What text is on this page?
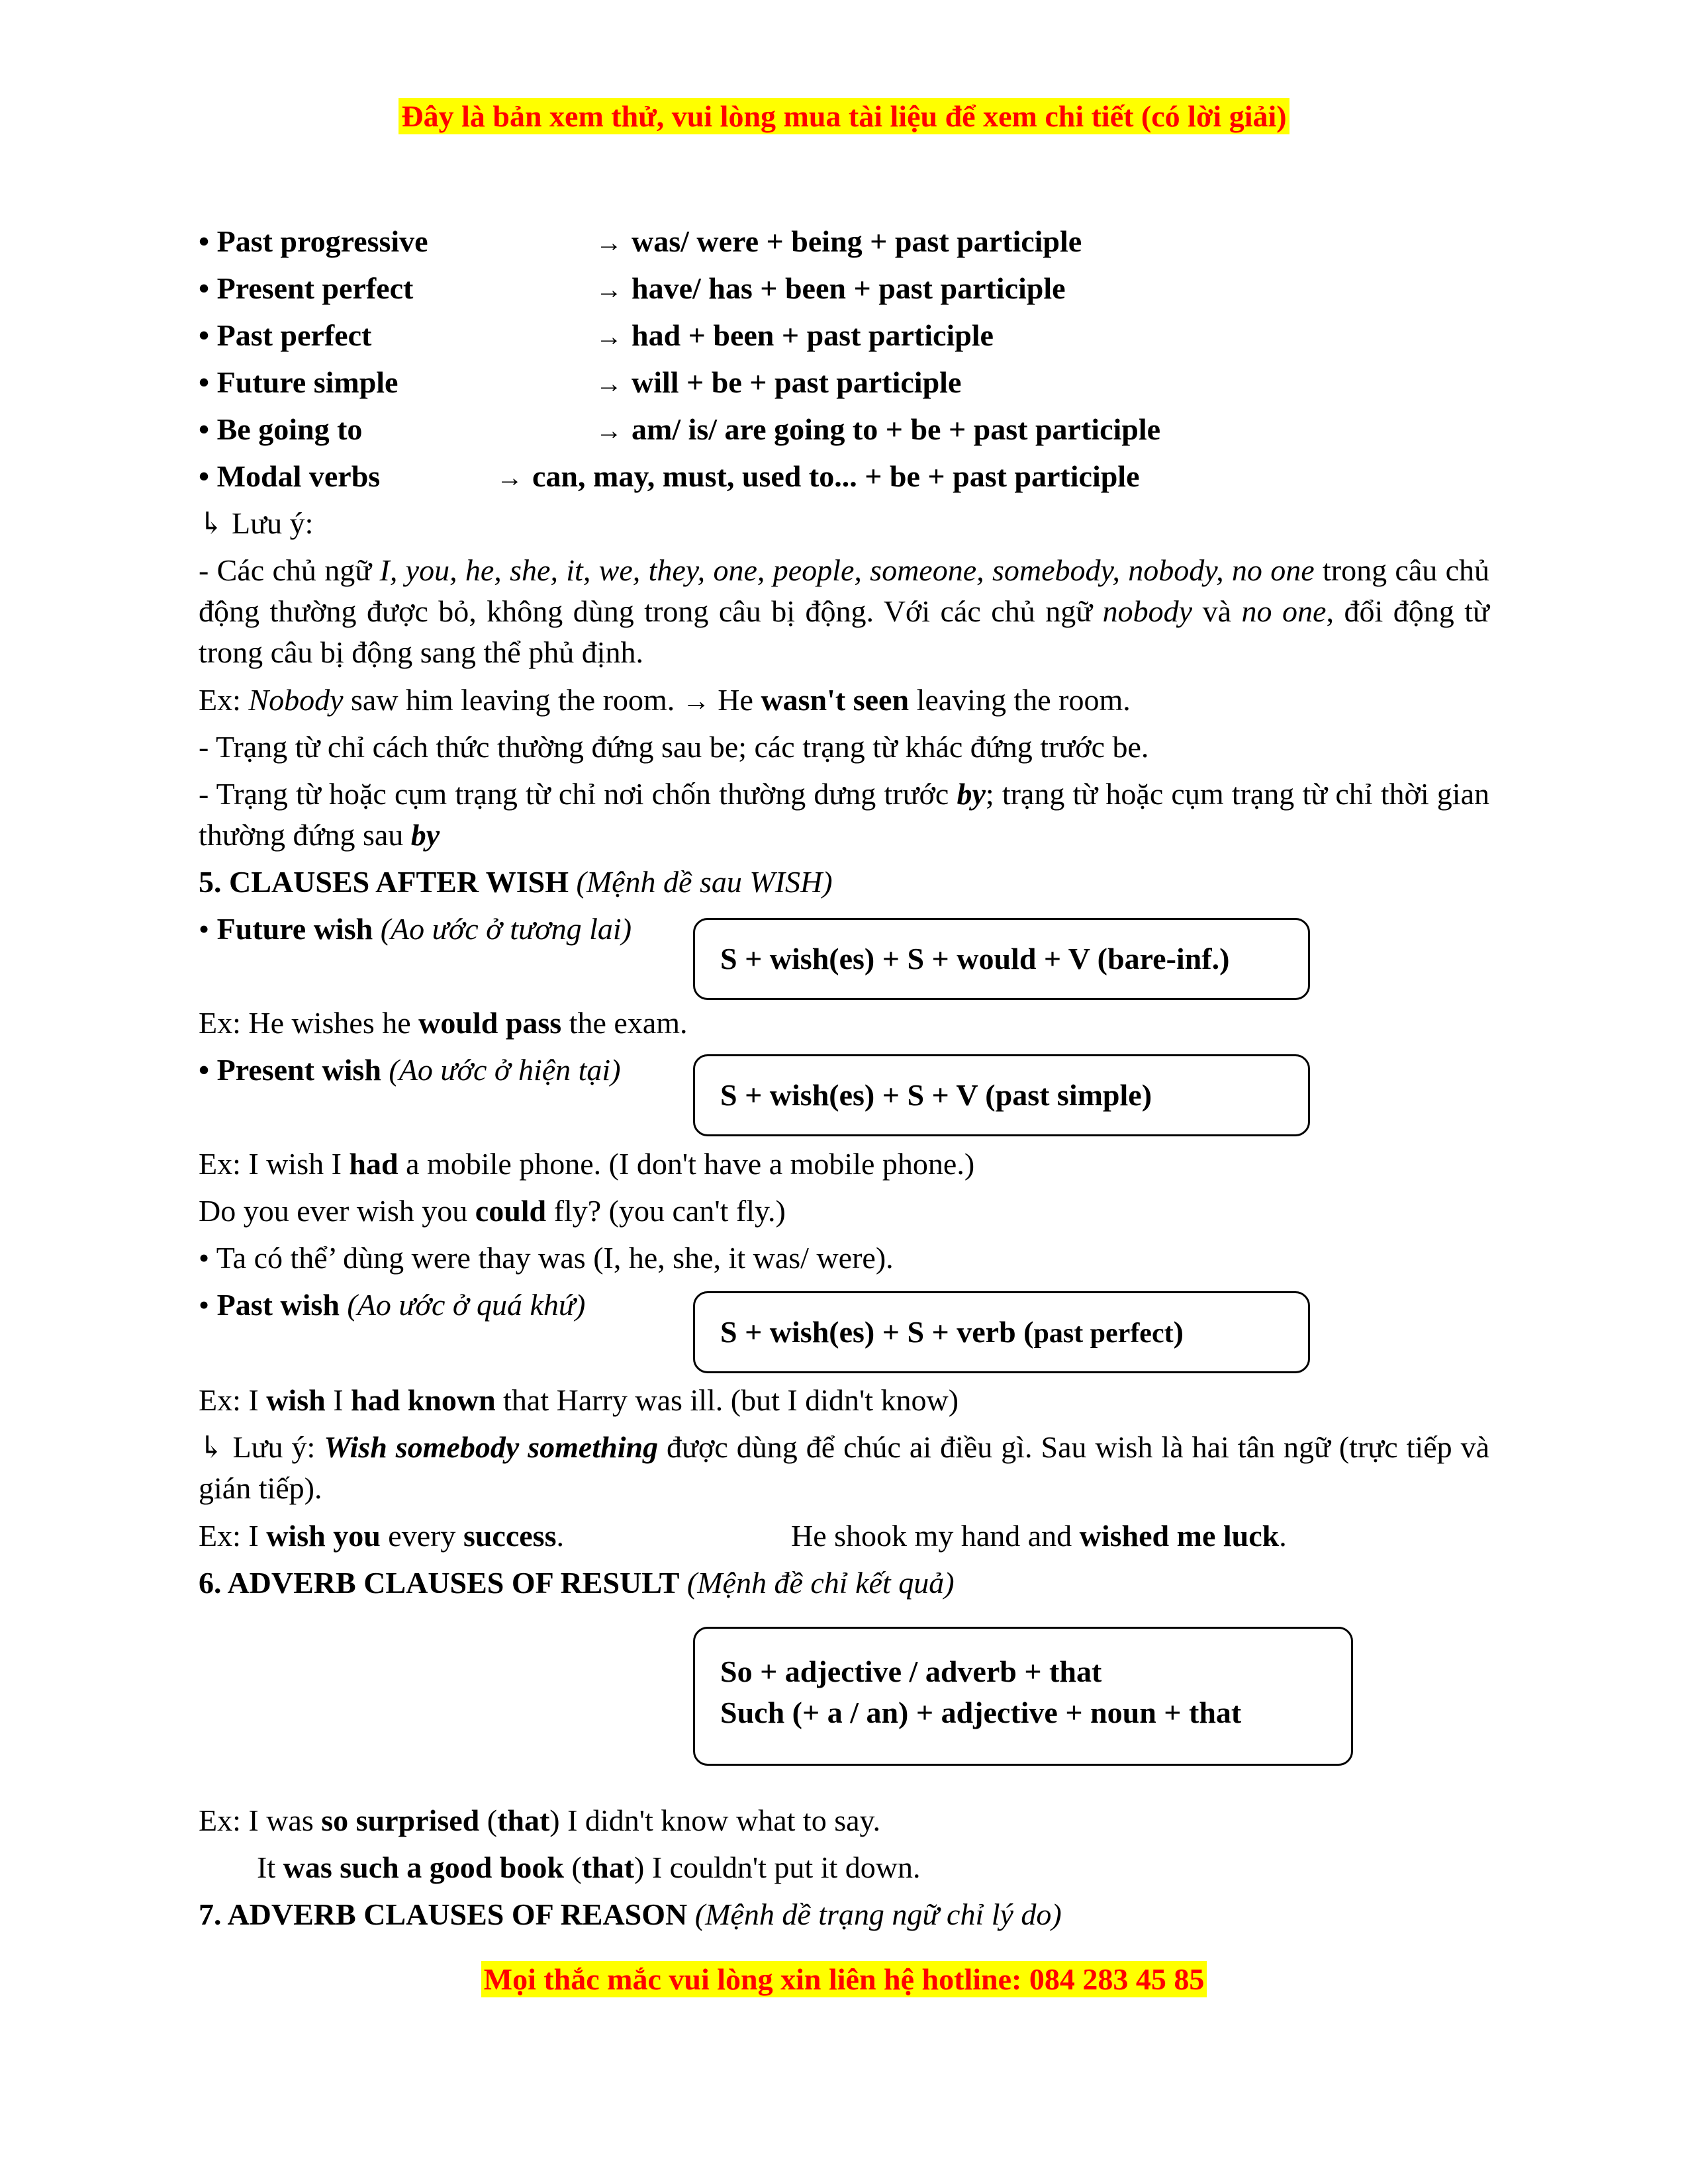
Đây là bản xem thử, vui lòng mua tài liệu để xem chi tiết (có lời giải)
• Past progressive	→ was/ were + being + past participle
• Present perfect	→ have/ has + been + past participle
• Past perfect	→ had + been + past participle
• Future simple	→ will + be + past participle
• Be going to	→ am/ is/ are going to + be + past participle
• Modal verbs	→ can, may, must, used to... + be + past participle
↳ Lưu ý:
- Các chủ ngữ I, you, he, she, it, we, they, one, people, someone, somebody, nobody, no one trong câu chủ động thường được bỏ, không dùng trong câu bị động. Với các chủ ngữ nobody và no one, đổi động từ trong câu bị động sang thể phủ định.
Ex: Nobody saw him leaving the room. → He wasn't seen leaving the room.
- Trạng từ chỉ cách thức thường đứng sau be; các trạng từ khác đứng trước be.
- Trạng từ hoặc cụm trạng từ chỉ nơi chốn thường dưng trước by; trạng từ hoặc cụm trạng từ chỉ thời gian thường đứng sau by
5. CLAUSES AFTER WISH (Mệnh dề sau WISH)
• Future wish (Ao ước ở tương lai)
S + wish(es) + S + would + V (bare-inf.)
Ex: He wishes he would pass the exam.
• Present wish (Ao ước ở hiện tại)
S + wish(es) + S + V (past simple)
Ex: I wish I had a mobile phone. (I don't have a mobile phone.)
Do you ever wish you could fly? (you can't fly.)
• Ta có thể’ dùng were thay was (I, he, she, it was/ were).
• Past wish (Ao ước ở quá khứ)
S + wish(es) + S + verb (past perfect)
Ex: I wish I had known that Harry was ill. (but I didn't know)
↳ Lưu ý: Wish somebody something được dùng để chúc ai điều gì. Sau wish là hai tân ngữ (trực tiếp và gián tiếp).
Ex: I wish you every success.	He shook my hand and wished me luck.
6. ADVERB CLAUSES OF RESULT (Mệnh đề chỉ kết quả)
So + adjective / adverb + that
Such (+ a / an) + adjective + noun + that
Ex: I was so surprised (that) I didn't know what to say.
It was such a good book (that) I couldn't put it down.
7. ADVERB CLAUSES OF REASON (Mệnh dề trạng ngữ chỉ lý do)
Mọi thắc mắc vui lòng xin liên hệ hotline: 084 283 45 85
